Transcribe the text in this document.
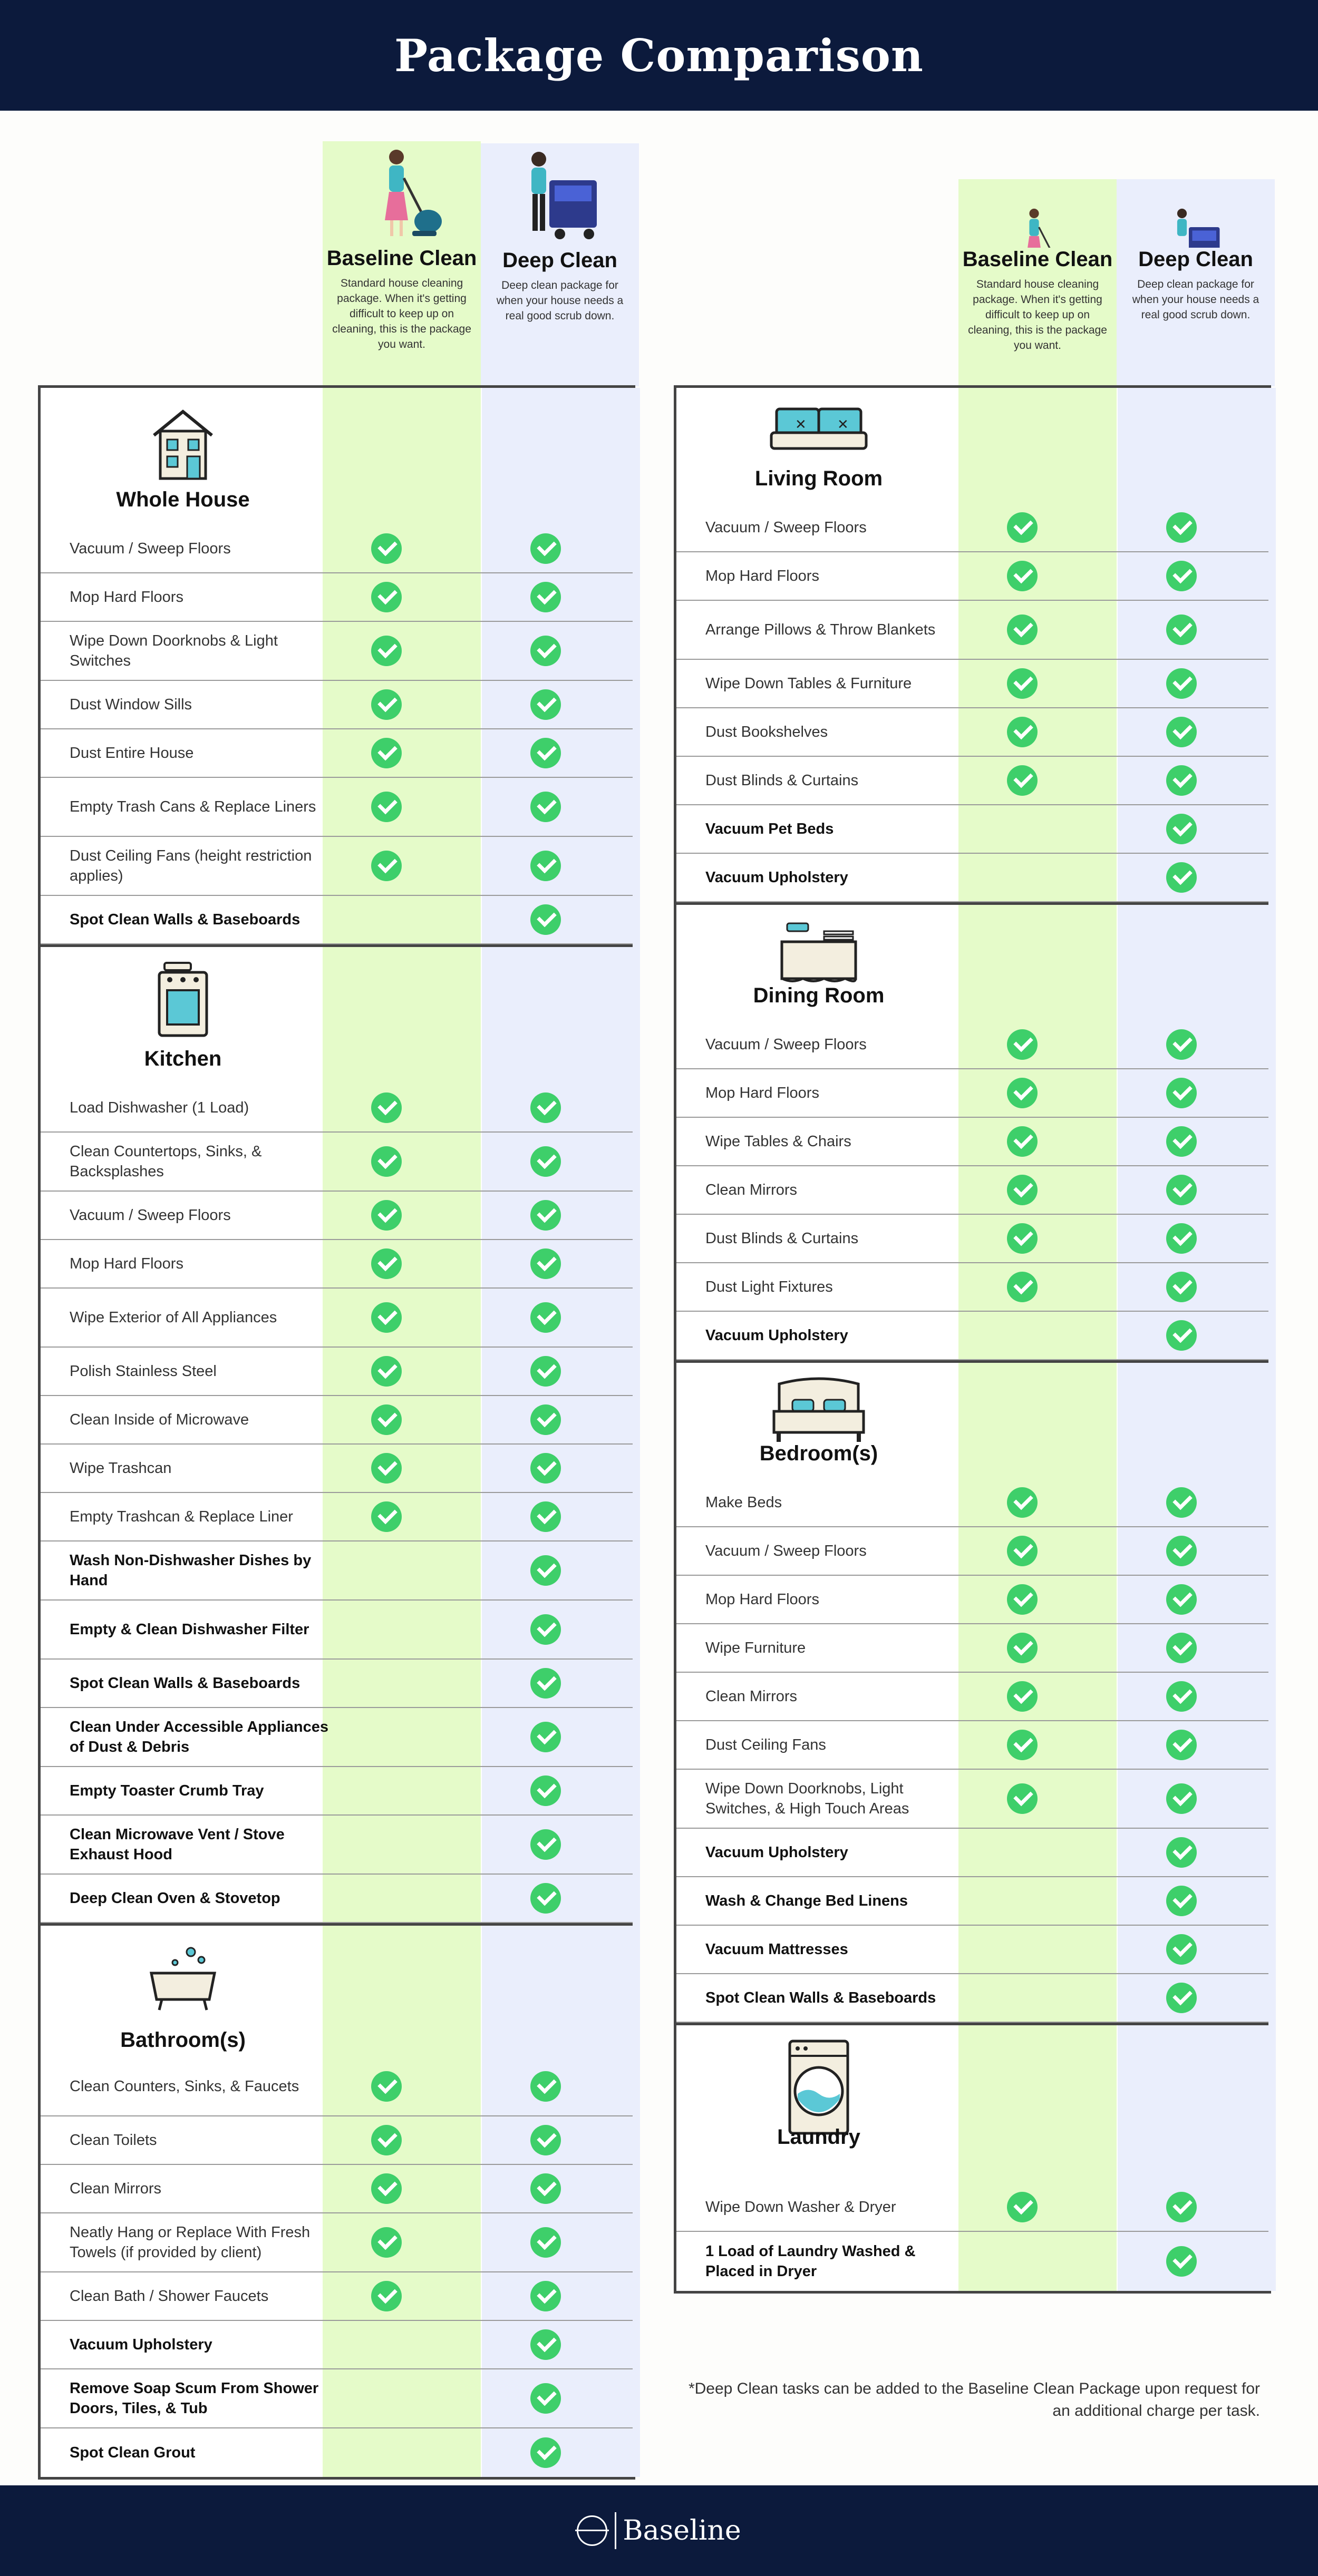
Package Comparison
Baseline Clean

Standard house cleaning package. When it's getting difficult to keep up on cleaning, this is the package you want.

Deep Clean

Deep clean package for when your house needs a real good scrub down.

Whole House
Vacuum / Sweep Floors
Mop Hard Floors
Wipe Down Doorknobs & Light Switches
Dust Window Sills
Dust Entire House
Empty Trash Cans & Replace Liners
Dust Ceiling Fans (height restriction applies)
Spot Clean Walls & Baseboards
Kitchen
Load Dishwasher (1 Load)
Clean Countertops, Sinks, & Backsplashes
Vacuum / Sweep Floors
Mop Hard Floors
Wipe Exterior of All Appliances
Polish Stainless Steel
Clean Inside of Microwave
Wipe Trashcan
Empty Trashcan & Replace Liner
Wash Non-Dishwasher Dishes by Hand
Empty & Clean Dishwasher Filter
Spot Clean Walls & Baseboards
Clean Under Accessible Appliances of Dust & Debris
Empty Toaster Crumb Tray
Clean Microwave Vent / Stove Exhaust Hood
Deep Clean Oven & Stovetop
Bathroom(s)
Clean Counters, Sinks, & Faucets
Clean Toilets
Clean Mirrors
Neatly Hang or Replace With Fresh Towels (if provided by client)
Clean Bath / Shower Faucets
Vacuum Upholstery
Remove Soap Scum From Shower Doors, Tiles, & Tub
Spot Clean Grout
Baseline Clean

Standard house cleaning package. When it's getting difficult to keep up on cleaning, this is the package you want.

Deep Clean

Deep clean package for when your house needs a real good scrub down.

✕ ✕
Living Room
Vacuum / Sweep Floors
Mop Hard Floors
Arrange Pillows & Throw Blankets
Wipe Down Tables & Furniture
Dust Bookshelves
Dust Blinds & Curtains
Vacuum Pet Beds
Vacuum Upholstery
Dining Room
Vacuum / Sweep Floors
Mop Hard Floors
Wipe Tables & Chairs
Clean Mirrors
Dust Blinds & Curtains
Dust Light Fixtures
Vacuum Upholstery
Bedroom(s)
Make Beds
Vacuum / Sweep Floors
Mop Hard Floors
Wipe Furniture
Clean Mirrors
Dust Ceiling Fans
Wipe Down Doorknobs, Light Switches, & High Touch Areas
Vacuum Upholstery
Wash & Change Bed Linens
Vacuum Mattresses
Spot Clean Walls & Baseboards
Laundry
Wipe Down Washer & Dryer
1 Load of Laundry Washed & Placed in Dryer
*Deep Clean tasks can be added to the Baseline Clean Package upon request for an additional charge per task.
Baseline
